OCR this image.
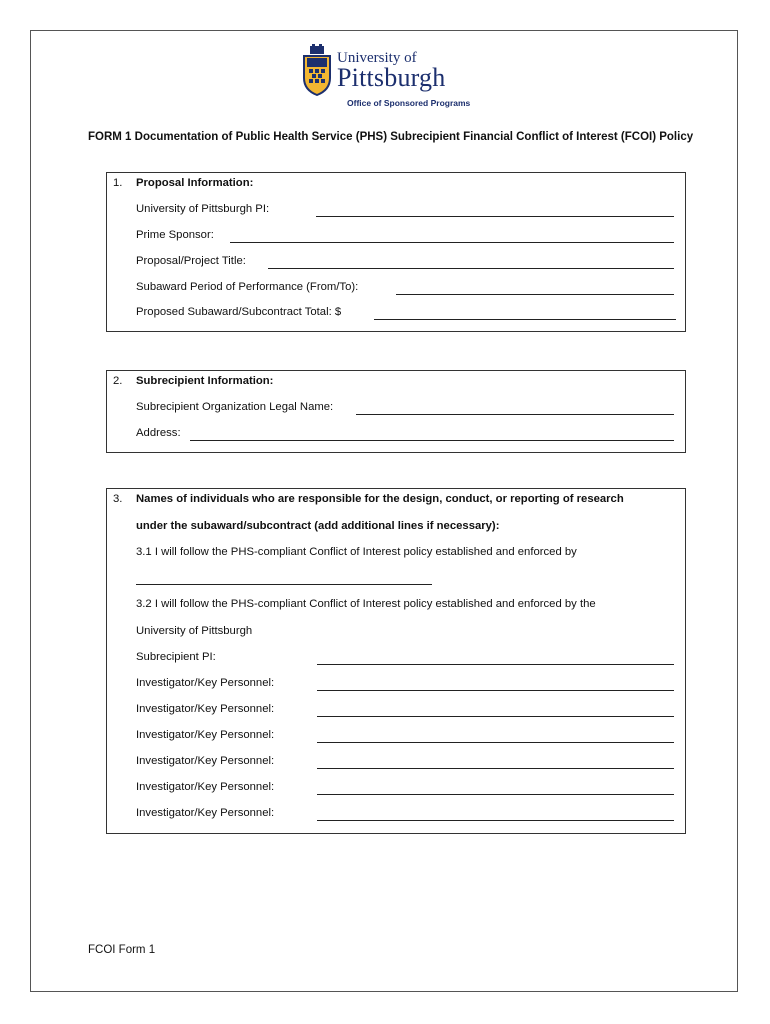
University of
Pittsburgh
Office of Sponsored Programs
FORM 1 Documentation of Public Health Service (PHS) Subrecipient Financial Conflict of Interest (FCOI) Policy
1. Proposal Information:
University of Pittsburgh PI:
Prime Sponsor:
Proposal/Project Title:
Subaward Period of Performance (From/To):
Proposed Subaward/Subcontract Total: $
2. Subrecipient Information:
Subrecipient Organization Legal Name:
Address:
3. Names of individuals who are responsible for the design, conduct, or reporting of research
under the subaward/subcontract (add additional lines if necessary):
3.1 I will follow the PHS-compliant Conflict of Interest policy established and enforced by
3.2 I will follow the PHS-compliant Conflict of Interest policy established and enforced by the
University of Pittsburgh
Subrecipient PI:
Investigator/Key Personnel:
Investigator/Key Personnel:
Investigator/Key Personnel:
Investigator/Key Personnel:
Investigator/Key Personnel:
Investigator/Key Personnel:
FCOI Form 1
